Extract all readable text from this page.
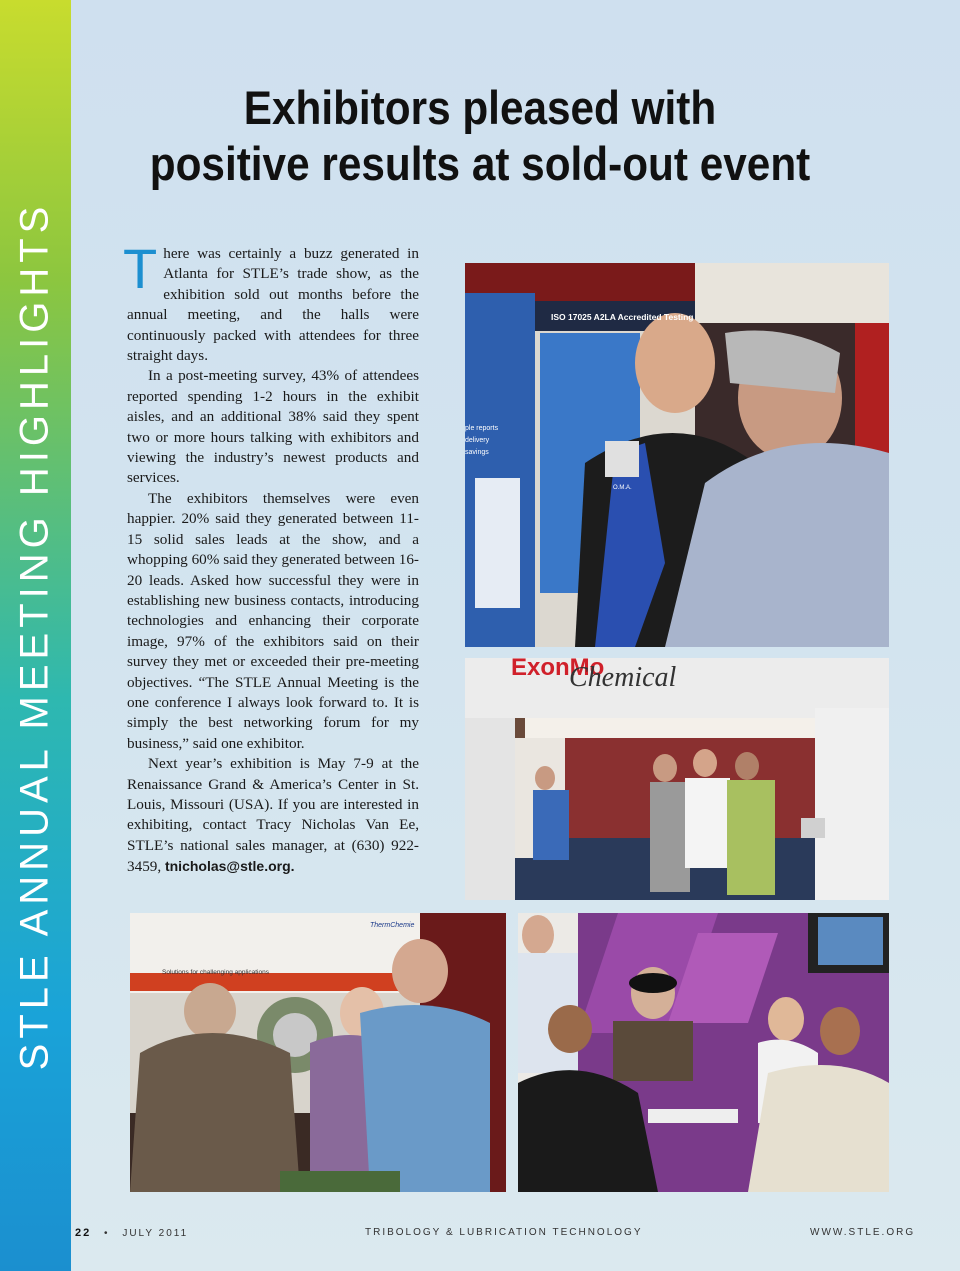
STLE ANNUAL MEETING HIGHLIGHTS
Exhibitors pleased with
positive results at sold-out event

There was certainly a buzz generated in Atlanta for STLE’s trade show, as the exhibition sold out months before the annual meeting, and the halls were continuously packed with attendees for three straight days.

In a post-meeting survey, 43% of attendees reported spending 1-2 hours in the exhibit aisles, and an additional 38% said they spent two or more hours talking with exhibitors and viewing the industry’s newest products and services.

The exhibitors themselves were even happier. 20% said they generated between 11-15 solid sales leads at the show, and a whopping 60% said they generated between 16-20 leads. Asked how successful they were in establishing new business contacts, introducing technologies and enhancing their corporate image, 97% of the exhibitors said on their survey they met or exceeded their pre-meeting objectives. “The STLE Annual Meeting is the one conference I always look forward to. It is simply the best networking forum for my business,” said one exhibitor.

Next year’s exhibition is May 7-9 at the Renaissance Grand & America’s Center in St. Louis, Missouri (USA). If you are interested in exhibiting, contact Tracy Nicholas Van Ee, STLE’s national sales manager, at (630) 922-3459, tnicholas@stle.org.

ISO 17025 A2LA Accredited Testing
ple reports
delivery
savings
O.M.A.
ExonMo
Chemical
ThermChemie
Solutions for challenging applications
22 • JULY 2011	TRIBOLOGY & LUBRICATION TECHNOLOGY	WWW.STLE.ORG
